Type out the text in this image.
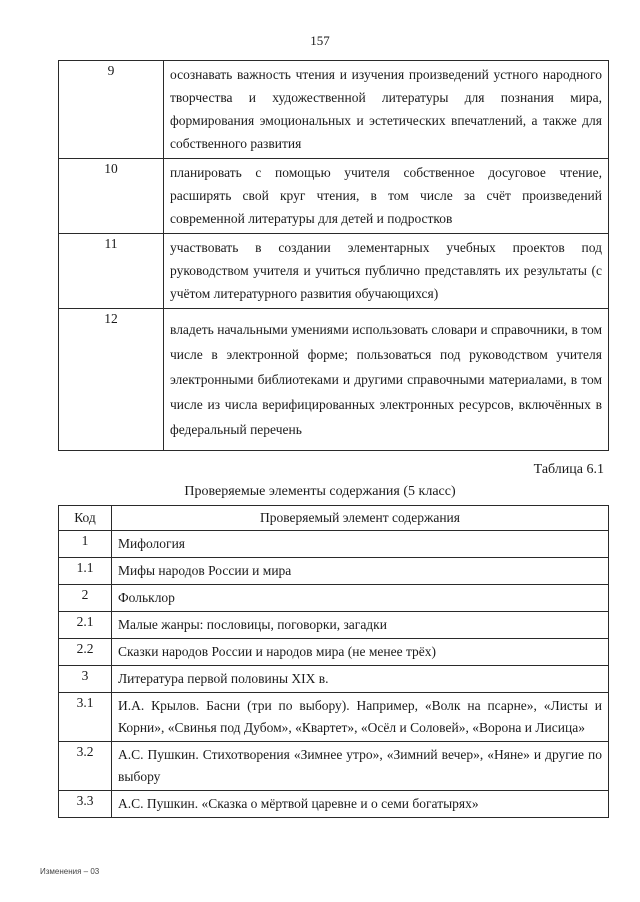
157
9	осознавать важность чтения и изучения произведений устного народного творчества и художественной литературы для познания мира, формирования эмоциональных и эстетических впечатлений, а также для собственного развития
10	планировать с помощью учителя собственное досуговое чтение, расширять свой круг чтения, в том числе за счёт произведений современной литературы для детей и подростков
11	участвовать в создании элементарных учебных проектов под руководством учителя и учиться публично представлять их результаты (с учётом литературного развития обучающихся)
12	владеть начальными умениями использовать словари и справочники, в том числе в электронной форме; пользоваться под руководством учителя электронными библиотеками и другими справочными материалами, в том числе из числа верифицированных электронных ресурсов, включённых в федеральный перечень
Таблица 6.1
Проверяемые элементы содержания (5 класс)
Код	Проверяемый элемент содержания
1	Мифология
1.1	Мифы народов России и мира
2	Фольклор
2.1	Малые жанры: пословицы, поговорки, загадки
2.2	Сказки народов России и народов мира (не менее трёх)
3	Литература первой половины XIX в.
3.1	И.А. Крылов. Басни (три по выбору). Например, «Волк на псарне», «Листы и Корни», «Свинья под Дубом», «Квартет», «Осёл и Соловей», «Ворона и Лисица»
3.2	А.С. Пушкин. Стихотворения «Зимнее утро», «Зимний вечер», «Няне» и другие по выбору
3.3	А.С. Пушкин. «Сказка о мёртвой царевне и о семи богатырях»
Изменения – 03
